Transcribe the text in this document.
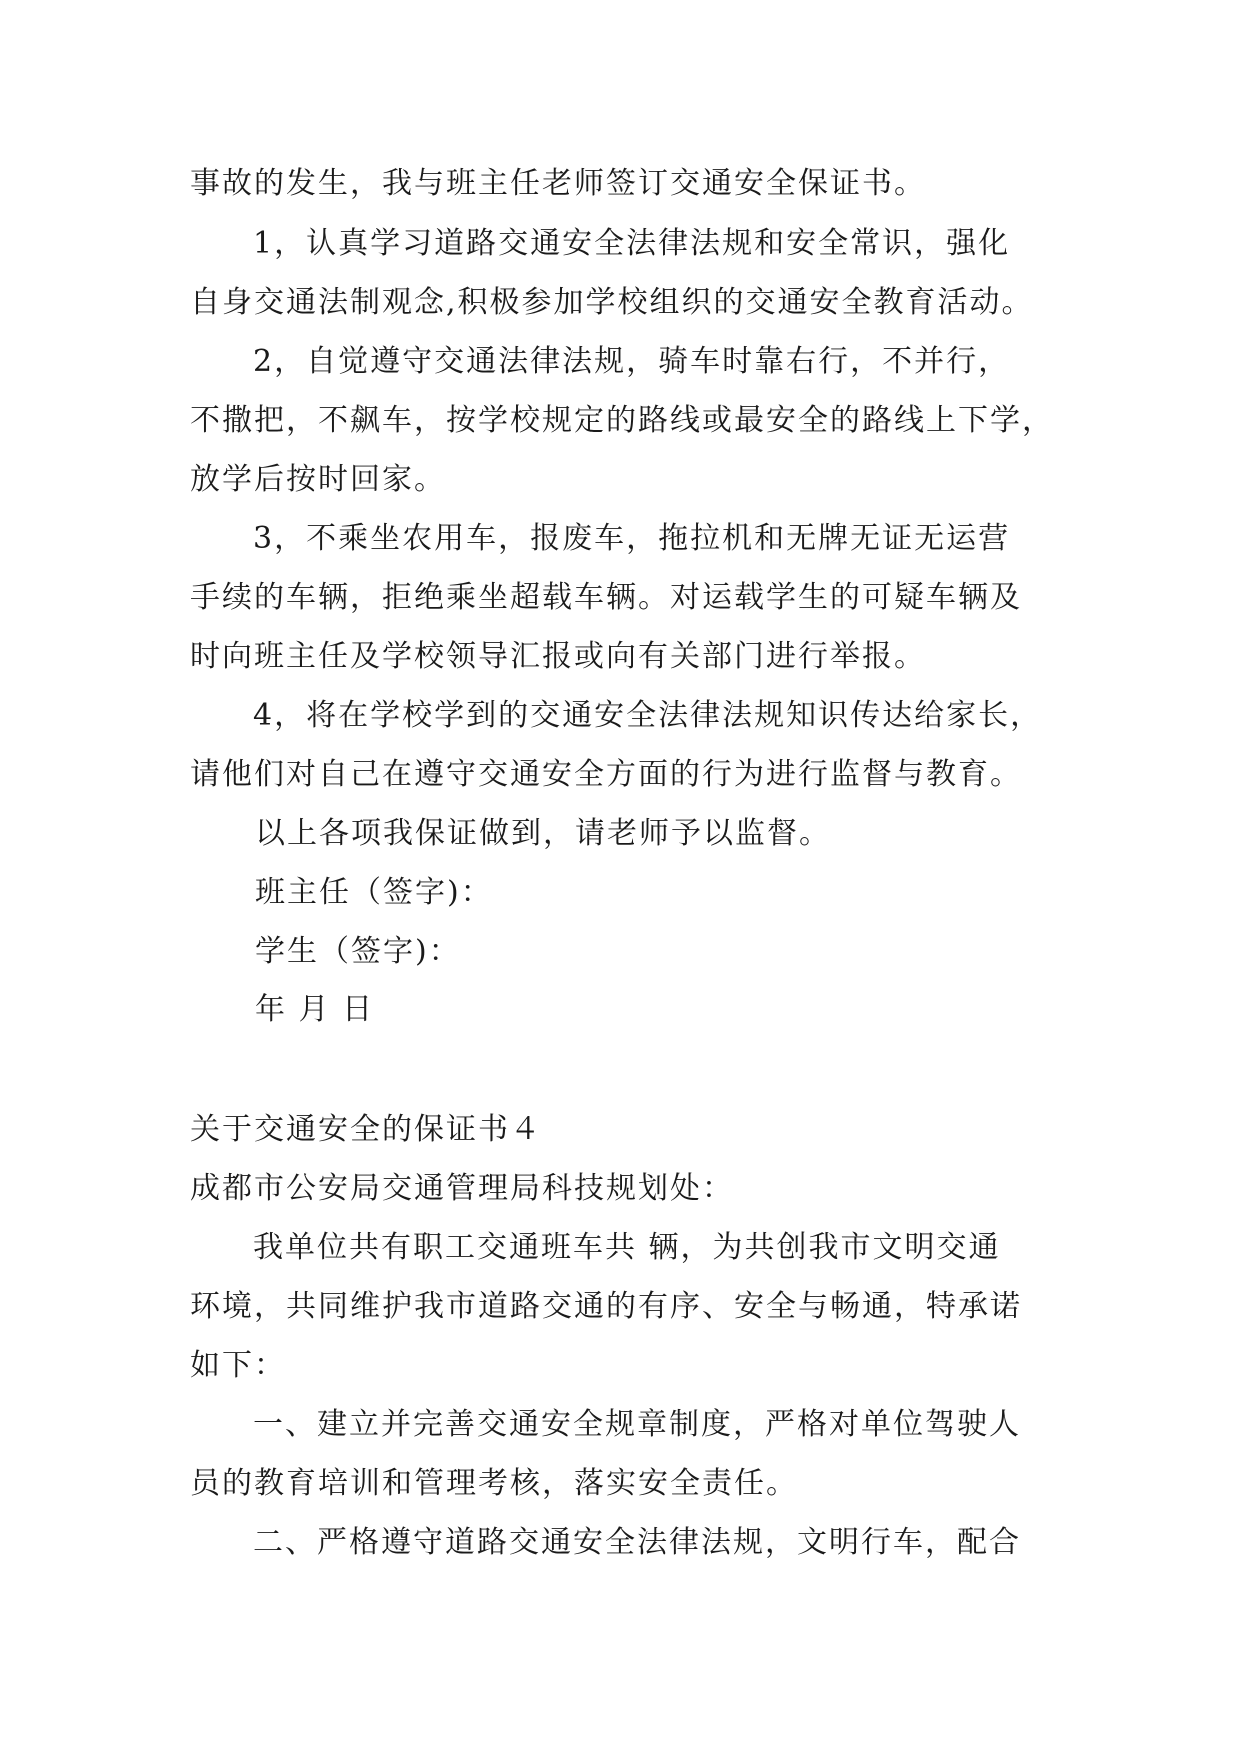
事故的发生，我与班主任老师签订交通安全保证书。
1，认真学习道路交通安全法律法规和安全常识，强化
自身交通法制观念,积极参加学校组织的交通安全教育活动。
2，自觉遵守交通法律法规，骑车时靠右行，不并行，
不撒把，不飙车，按学校规定的路线或最安全的路线上下学，
放学后按时回家。
3，不乘坐农用车，报废车，拖拉机和无牌无证无运营
手续的车辆，拒绝乘坐超载车辆。对运载学生的可疑车辆及
时向班主任及学校领导汇报或向有关部门进行举报。
4，将在学校学到的交通安全法律法规知识传达给家长，
请他们对自己在遵守交通安全方面的行为进行监督与教育。
以上各项我保证做到，请老师予以监督。
班主任（签字)：
学生（签字)：
年 月 日
关于交通安全的保证书４
成都市公安局交通管理局科技规划处：
我单位共有职工交通班车共 辆，为共创我市文明交通
环境，共同维护我市道路交通的有序、安全与畅通，特承诺
如下：
一、建立并完善交通安全规章制度，严格对单位驾驶人
员的教育培训和管理考核，落实安全责任。
二、严格遵守道路交通安全法律法规，文明行车，配合
